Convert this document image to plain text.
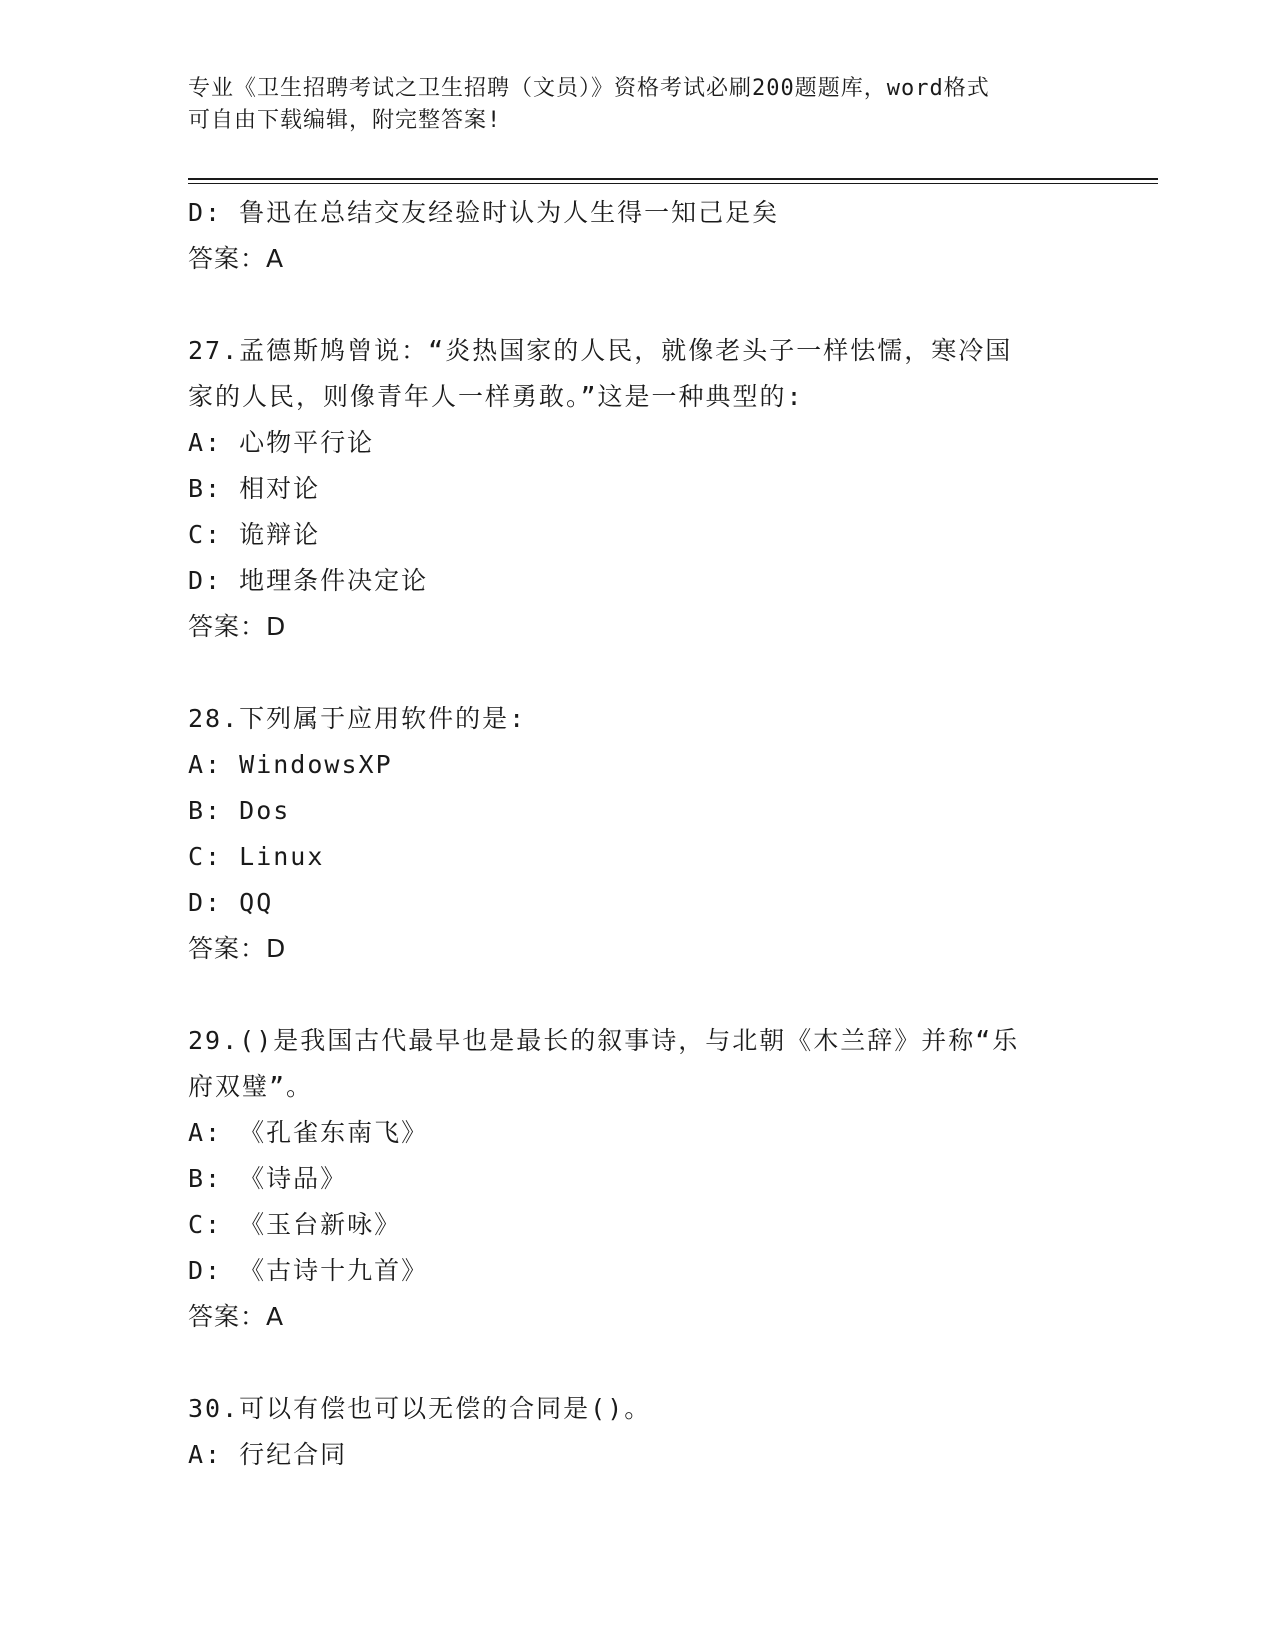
专业《卫生招聘考试之卫生招聘（文员）》资格考试必刷200题题库，word格式
可自由下载编辑，附完整答案!
D: 鲁迅在总结交友经验时认为人生得一知己足矣
答案：A
27.孟德斯鸠曾说：“炎热国家的人民，就像老头子一样怯懦，寒冷国
家的人民，则像青年人一样勇敢。”这是一种典型的:
A: 心物平行论
B: 相对论
C: 诡辩论
D: 地理条件决定论
答案：D
28.下列属于应用软件的是:
A: WindowsXP
B: Dos
C: Linux
D: QQ
答案：D
29.()是我国古代最早也是最长的叙事诗，与北朝《木兰辞》并称“乐
府双璧”。
A: 《孔雀东南飞》
B: 《诗品》
C: 《玉台新咏》
D: 《古诗十九首》
答案：A
30.可以有偿也可以无偿的合同是()。
A: 行纪合同
